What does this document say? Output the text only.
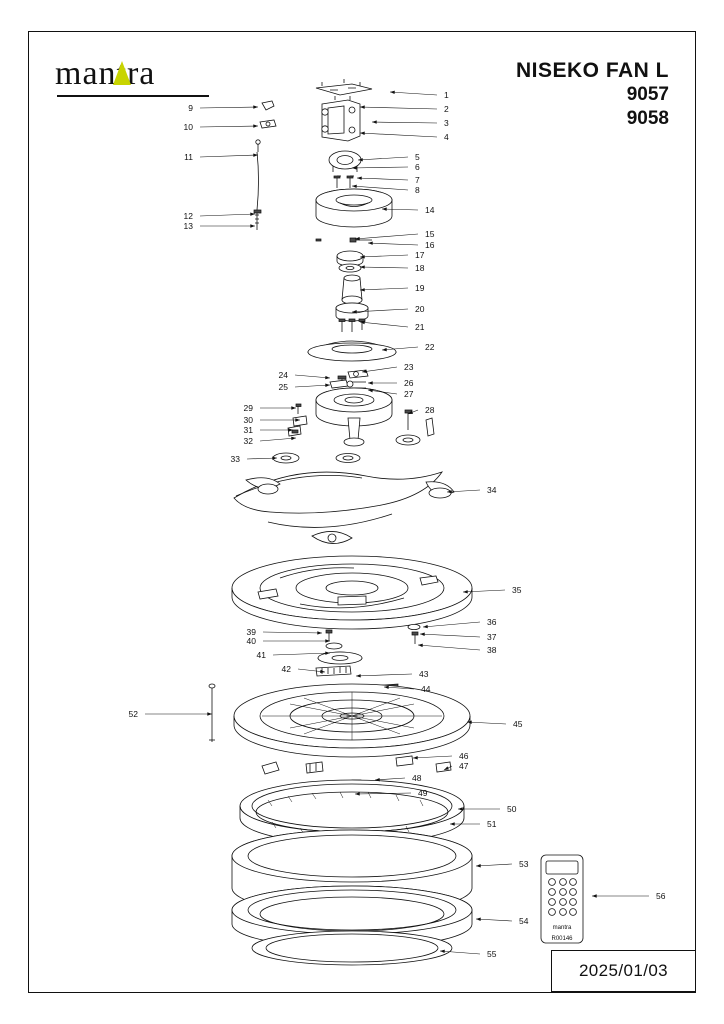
mantra	NISEKO FAN L
9057
9058
2025/01/03
mantra
R00146
1
2
3
4
5
6
7
8
9
10
11
12
13
14
15
16
17
18
19
20
21
22
23
24
25	26
27
28
29
30
31
32
33
34
35
36
37
38
39
40
41
42	43
44
45
46
47
48
49
50
51
52
53
54
55
56
